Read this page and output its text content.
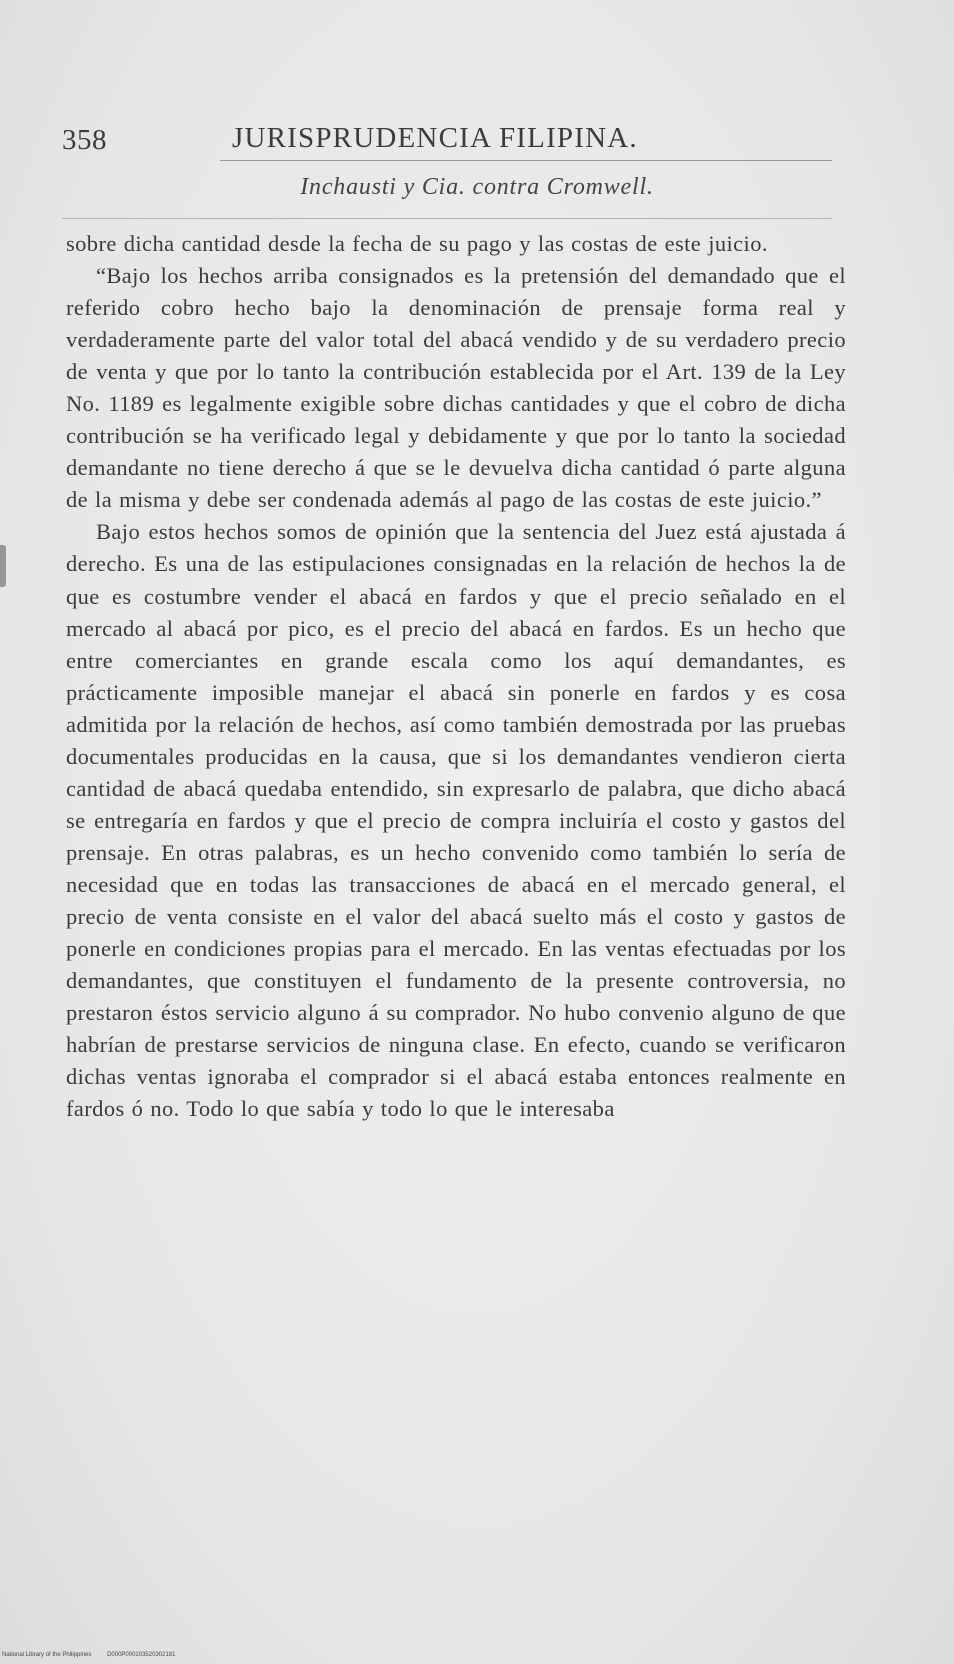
358	JURISPRUDENCIA FILIPINA.
Inchausti y Cia. contra Cromwell.

sobre dicha cantidad desde la fecha de su pago y las costas de este juicio.

“Bajo los hechos arriba consignados es la pretensión del demandado que el referido cobro hecho bajo la denominación de prensaje forma real y verdaderamente parte del valor total del abacá vendido y de su verdadero precio de venta y que por lo tanto la contribución establecida por el Art. 139 de la Ley No. 1189 es legalmente exigible sobre dichas cantidades y que el cobro de dicha contribución se ha verificado legal y debidamente y que por lo tanto la sociedad demandante no tiene derecho á que se le devuelva dicha cantidad ó parte alguna de la misma y debe ser condenada además al pago de las costas de este juicio.”

Bajo estos hechos somos de opinión que la sentencia del Juez está ajustada á derecho. Es una de las estipulaciones consignadas en la relación de hechos la de que es costumbre vender el abacá en fardos y que el precio señalado en el mercado al abacá por pico, es el precio del abacá en fardos. Es un hecho que entre comerciantes en grande escala como los aquí demandantes, es prácticamente imposible manejar el abacá sin ponerle en fardos y es cosa admitida por la relación de hechos, así como también demostrada por las pruebas documentales producidas en la causa, que si los demandantes vendieron cierta cantidad de abacá quedaba entendido, sin expresarlo de palabra, que dicho abacá se entregaría en fardos y que el precio de compra incluiría el costo y gastos del prensaje. En otras palabras, es un hecho convenido como también lo sería de necesidad que en todas las transacciones de abacá en el mercado general, el precio de venta consiste en el valor del abacá suelto más el costo y gastos de ponerle en condiciones propias para el mercado. En las ventas efectuadas por los demandantes, que constituyen el fundamento de la presente controversia, no prestaron éstos servicio alguno á su comprador. No hubo convenio alguno de que habrían de prestarse servicios de ninguna clase. En efecto, cuando se verificaron dichas ventas ignoraba el comprador si el abacá estaba entonces realmente en fardos ó no. Todo lo que sabía y todo lo que le interesaba

National Library of the Philippines	D000P000103520302181
